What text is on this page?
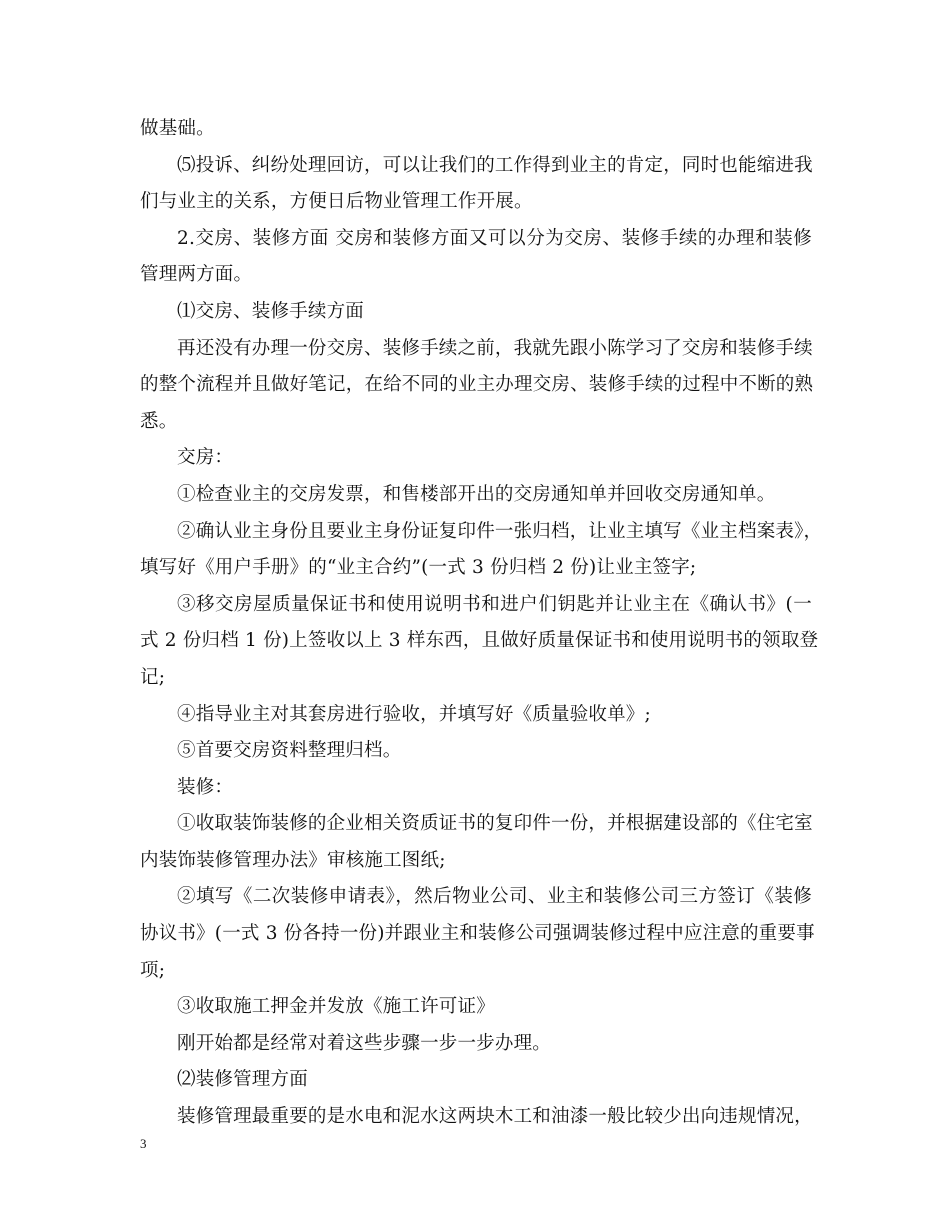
做基础。
⑸投诉、纠纷处理回访，可以让我们的工作得到业主的肯定，同时也能缩进我
们与业主的关系，方便日后物业管理工作开展。
2.交房、装修方面 交房和装修方面又可以分为交房、装修手续的办理和装修
管理两方面。
⑴交房、装修手续方面
再还没有办理一份交房、装修手续之前，我就先跟小陈学习了交房和装修手续
的整个流程并且做好笔记，在给不同的业主办理交房、装修手续的过程中不断的熟
悉。
交房：
①检查业主的交房发票，和售楼部开出的交房通知单并回收交房通知单。
②确认业主身份且要业主身份证复印件一张归档，让业主填写《业主档案表》，
填写好《用户手册》的“业主合约”(一式 3 份归档 2 份)让业主签字;
③移交房屋质量保证书和使用说明书和进户们钥匙并让业主在《确认书》(一
式 2 份归档 1 份)上签收以上 3 样东西，且做好质量保证书和使用说明书的领取登
记;
④指导业主对其套房进行验收，并填写好《质量验收单》;
⑤首要交房资料整理归档。
装修：
①收取装饰装修的企业相关资质证书的复印件一份，并根据建设部的《住宅室
内装饰装修管理办法》审核施工图纸;
②填写《二次装修申请表》，然后物业公司、业主和装修公司三方签订《装修
协议书》(一式 3 份各持一份)并跟业主和装修公司强调装修过程中应注意的重要事
项;
③收取施工押金并发放《施工许可证》
刚开始都是经常对着这些步骤一步一步办理。
⑵装修管理方面
装修管理最重要的是水电和泥水这两块木工和油漆一般比较少出向违规情况，
3
